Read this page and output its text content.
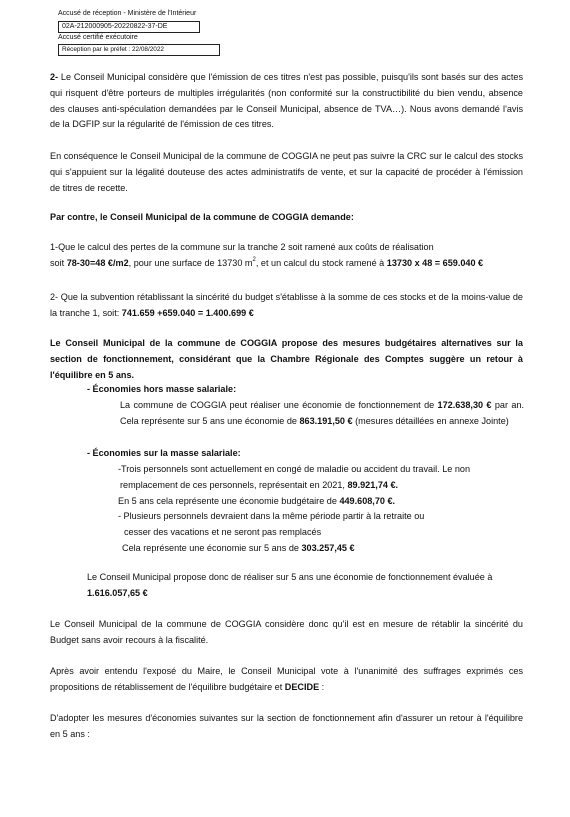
Accusé de réception - Ministère de l'Intérieur
02A-212000905-20220822-37-DE
Accusé certifié exécutoire
Réception par le préfet : 22/08/2022

2- Le Conseil Municipal considère que l'émission de ces titres n'est pas possible, puisqu'ils sont basés sur des actes qui risquent d'être porteurs de multiples irrégularités (non conformité sur la constructibilité du bien vendu, absence des clauses anti-spéculation demandées par le Conseil Municipal, absence de TVA…). Nous avons demandé l'avis de la DGFIP sur la régularité de l'émission de ces titres.

En conséquence le Conseil Municipal de la commune de COGGIA ne peut pas suivre la CRC sur le calcul des stocks qui s'appuient sur la légalité douteuse des actes administratifs de vente, et sur la capacité de procéder à l'émission de titres de recette.

Par contre, le Conseil Municipal de la commune de COGGIA demande:

1-Que le calcul des pertes de la commune sur la tranche 2 soit ramené aux coûts de réalisation
soit 78-30=48 €/m2, pour une surface de 13730 $m^2$, et un calcul du stock ramené à 13730 x 48 = 659.040 €

2- Que la subvention rétablissant la sincérité du budget s'établisse à la somme de ces stocks et de la moins-value de la tranche 1, soit: 741.659 +659.040 = 1.400.699 €

Le Conseil Municipal de la commune de COGGIA propose des mesures budgétaires alternatives sur la section de fonctionnement, considérant que la Chambre Régionale des Comptes suggère un retour à l'équilibre en 5 ans.

- Économies hors masse salariale:
La commune de COGGIA peut réaliser une économie de fonctionnement de 172.638,30 € par an. Cela représente sur 5 ans une économie de 863.191,50 € (mesures détaillées en annexe Jointe)
- Économies sur la masse salariale:
-Trois personnels sont actuellement en congé de maladie ou accident du travail. Le non
remplacement de ces personnels, représentait en 2021, 89.921,74 €.
En 5 ans cela représente une économie budgétaire de 449.608,70 €.
- Plusieurs personnels devraient dans la même période partir à la retraite ou
cesser des vacations et ne seront pas remplacés
Cela représente une économie sur 5 ans de 303.257,45 €
Le Conseil Municipal propose donc de réaliser sur 5 ans une économie de fonctionnement évaluée à
1.616.057,65 €

Le Conseil Municipal de la commune de COGGIA considère donc qu'il est en mesure de rétablir la sincérité du Budget sans avoir recours à la fiscalité.

Après avoir entendu l'exposé du Maire, le Conseil Municipal vote à l'unanimité des suffrages exprimés ces propositions de rétablissement de l'équilibre budgétaire et DECIDE :

D'adopter les mesures d'économies suivantes sur la section de fonctionnement afin d'assurer un retour à l'équilibre en 5 ans :
